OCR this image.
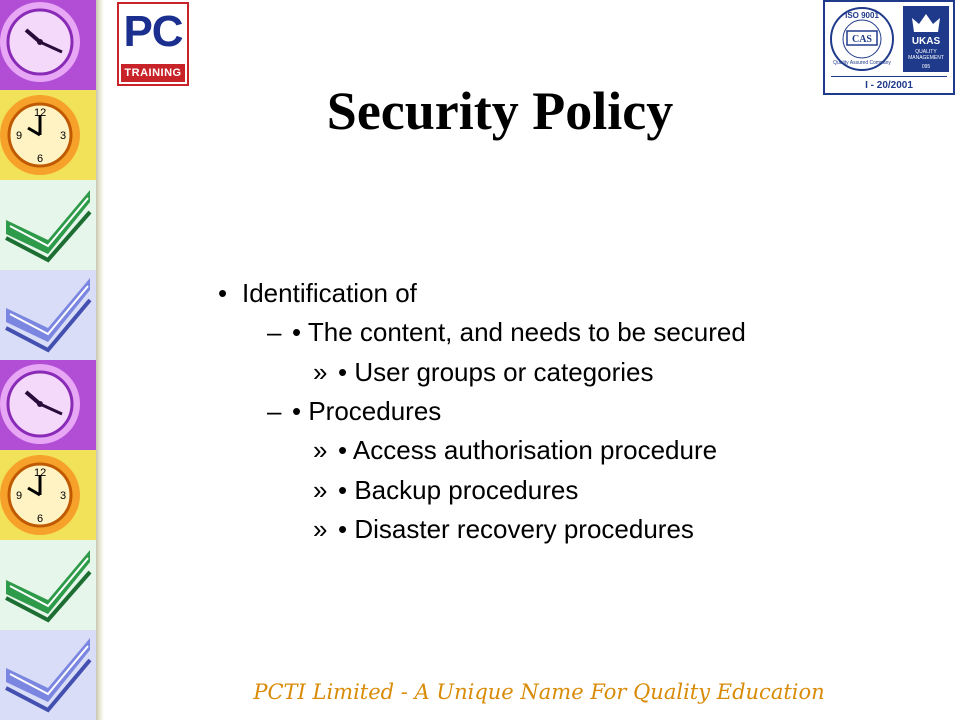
12
9	3
6
12
9	3
6
PC
TRAINING
ISO 9001
CAS
Quality Assured Company
UKAS
QUALITY MANAGEMENT
095
I - 20/2001
Security Policy
• Identification of
– • The content, and needs to be secured
» • User groups or categories
– • Procedures
» • Access authorisation procedure
» • Backup procedures
» • Disaster recovery procedures
PCTI Limited - A Unique Name For Quality Education
